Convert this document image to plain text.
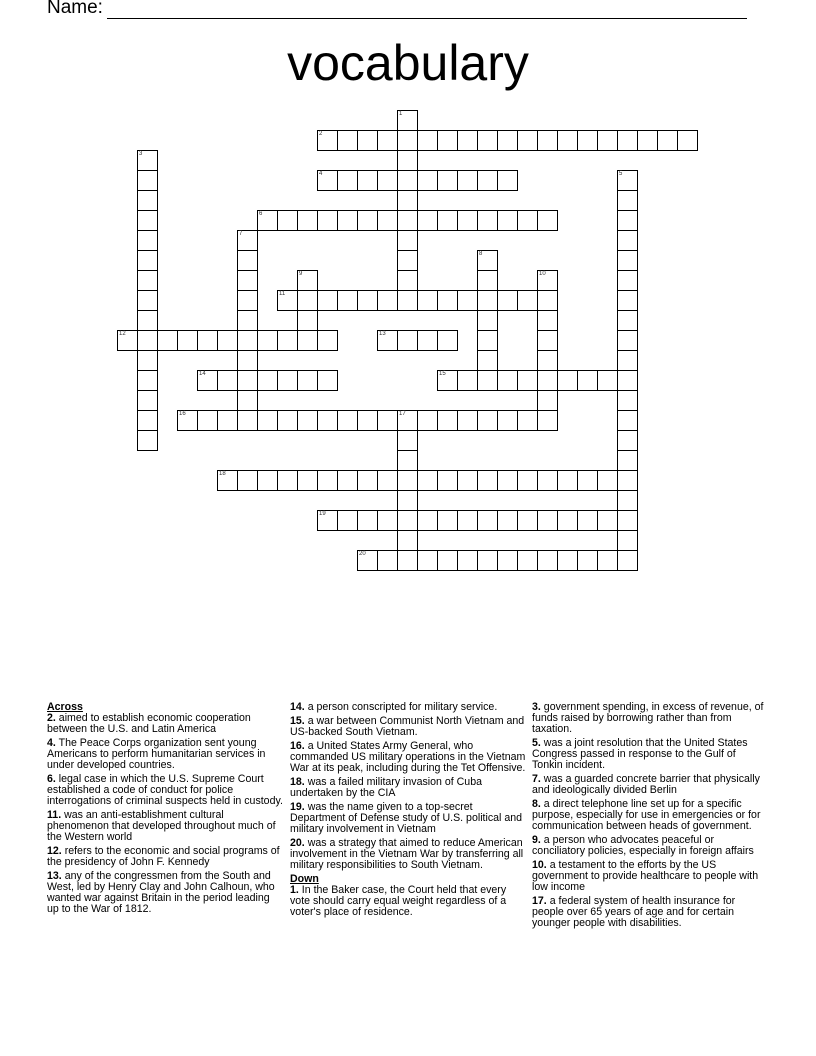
Name:
vocabulary
2
4
6
11
12	13
14	15
16	17
18
19
20
1
3
5
7
8
9	10
Across
2. aimed to establish economic cooperation between the U.S. and Latin America
4. The Peace Corps organization sent young Americans to perform humanitarian services in under developed countries.
6. legal case in which the U.S. Supreme Court established a code of conduct for police interrogations of criminal suspects held in custody.
11. was an anti-establishment cultural phenomenon that developed throughout much of the Western world
12. refers to the economic and social programs of the presidency of John F. Kennedy
13. any of the congressmen from the South and West, led by Henry Clay and John Calhoun, who wanted war against Britain in the period leading up to the War of 1812.
14. a person conscripted for military service.
15. a war between Communist North Vietnam and US-backed South Vietnam.
16. a United States Army General, who commanded US military operations in the Vietnam War at its peak, including during the Tet Offensive.
18. was a failed military invasion of Cuba undertaken by the CIA
19. was the name given to a top-secret Department of Defense study of U.S. political and military involvement in Vietnam
20. was a strategy that aimed to reduce American involvement in the Vietnam War by transferring all military responsibilities to South Vietnam.
Down
1. In the Baker case, the Court held that every vote should carry equal weight regardless of a voter's place of residence.
3. government spending, in excess of revenue, of funds raised by borrowing rather than from taxation.
5. was a joint resolution that the United States Congress passed in response to the Gulf of Tonkin incident.
7. was a guarded concrete barrier that physically and ideologically divided Berlin
8. a direct telephone line set up for a specific purpose, especially for use in emergencies or for communication between heads of government.
9. a person who advocates peaceful or conciliatory policies, especially in foreign affairs
10. a testament to the efforts by the US government to provide healthcare to people with low income
17. a federal system of health insurance for people over 65 years of age and for certain younger people with disabilities.
